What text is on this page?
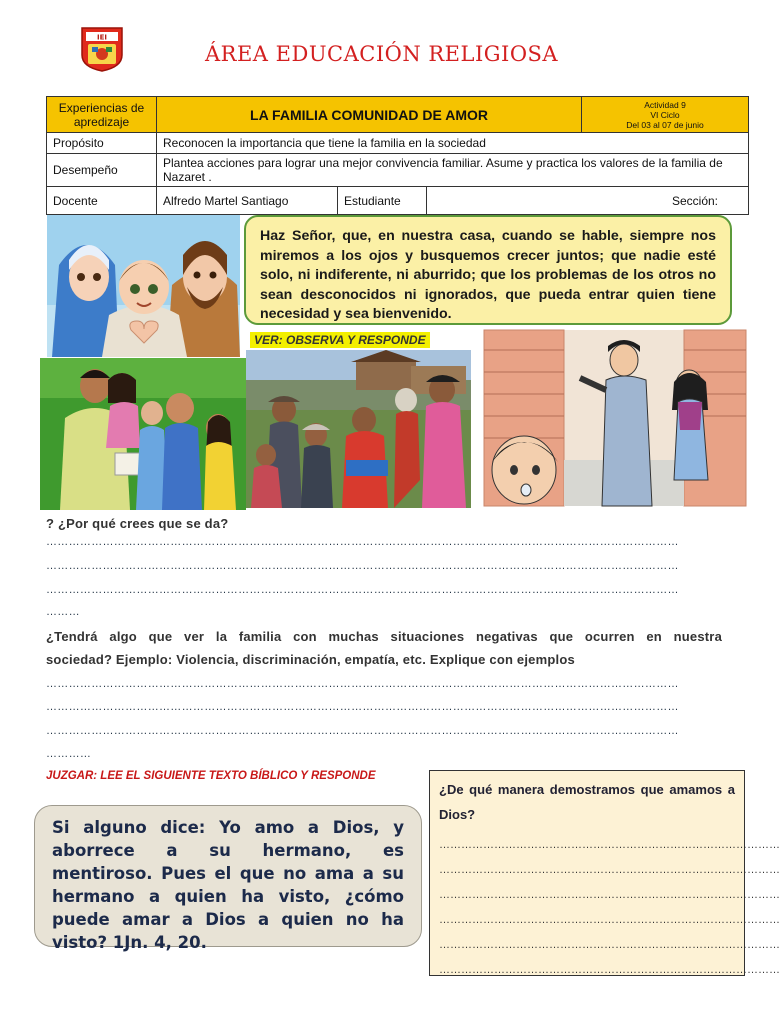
IEI
ÁREA EDUCACIÓN RELIGIOSA
Experiencias de apredizaje	LA FAMILIA COMUNIDAD DE AMOR			Actividad 9
VI Ciclo
Del 03 al 07 de junio

Propósito	Reconocen la importancia que tiene la familia en la sociedad			
Desempeño	Plantea acciones para lograr una mejor convivencia familiar. Asume y practica los valores de la familia de Nazaret .			
Docente	Alfredo Martel Santiago	Estudiante	Sección:	
Haz Señor, que, en nuestra casa, cuando se hable, siempre nos miremos a los ojos y busquemos crecer juntos; que nadie esté solo, ni indiferente, ni aburrido; que los problemas de los otros no sean desconocidos ni ignorados, que pueda entrar quien tiene necesidad y sea bienvenido.
VER: OBSERVA Y RESPONDE
? ¿Por qué crees que se da?
……………………………………………………………………………………………………………………………………………………
……………………………………………………………………………………………………………………………………………………
……………………………………………………………………………………………………………………………………………………
………
¿Tendrá algo que ver la familia con muchas situaciones negativas que ocurren en nuestra
sociedad? Ejemplo: Violencia, discriminación, empatía, etc. Explique con ejemplos
……………………………………………………………………………………………………………………………………………………
……………………………………………………………………………………………………………………………………………………
……………………………………………………………………………………………………………………………………………………
…………
JUZGAR: LEE EL SIGUIENTE TEXTO BÍBLICO Y RESPONDE
Si alguno dice: Yo amo a Dios, y aborrece a su hermano, es mentiroso. Pues el que no ama a su hermano a quien ha visto, ¿cómo puede amar a Dios a quien no ha visto? 1Jn. 4, 20.
¿De qué manera demostramos que amamos a Dios?
…………………………………………………………………………………
…………………………………………………………………………………
…………………………………………………………………………………
…………………………………………………………………………………
…………………………………………………………………………………
…………………………………………………………………………………
